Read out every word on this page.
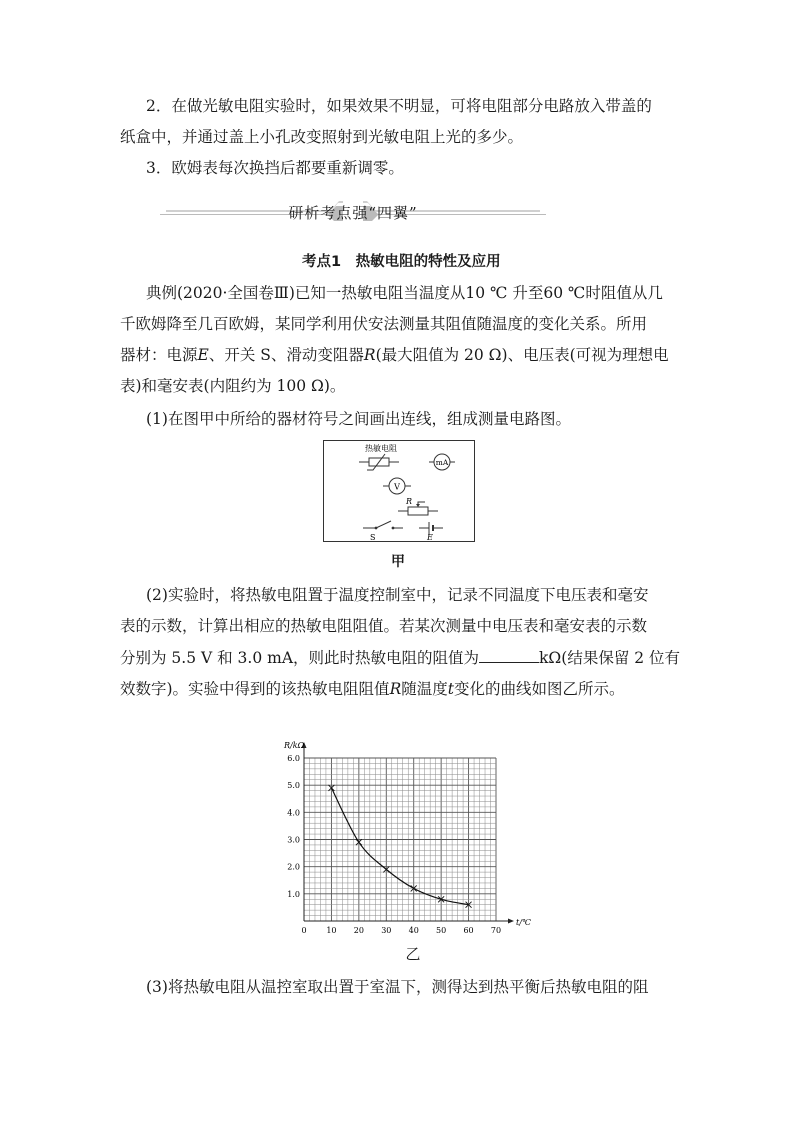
2．在做光敏电阻实验时，如果效果不明显，可将电阻部分电路放入带盖的
纸盒中，并通过盖上小孔改变照射到光敏电阻上光的多少。
3．欧姆表每次换挡后都要重新调零。
研析考点强“四翼”
考点1　热敏电阻的特性及应用
典例(2020·全国卷Ⅲ)已知一热敏电阻当温度从10 ℃ 升至60 ℃时阻值从几
千欧姆降至几百欧姆，某同学利用伏安法测量其阻值随温度的变化关系。所用
器材：电源E、开关 S、滑动变阻器R(最大阻值为 20 Ω)、电压表(可视为理想电
表)和毫安表(内阻约为 100 Ω)。
(1)在图甲中所给的器材符号之间画出连线，组成测量电路图。
热敏电阻
mA
V
R
S	E
甲
(2)实验时，将热敏电阻置于温度控制室中，记录不同温度下电压表和毫安
表的示数，计算出相应的热敏电阻阻值。若某次测量中电压表和毫安表的示数
分别为 5.5 V 和 3.0 mA，则此时热敏电阻的阻值为	kΩ(结果保留 2 位有
效数字)。实验中得到的该热敏电阻阻值R随温度t变化的曲线如图乙所示。
0 10 20 30 40 50 60 70
1.0
2.0
3.0
4.0
5.0
6.0
R/kΩ
t/℃
乙
(3)将热敏电阻从温控室取出置于室温下，测得达到热平衡后热敏电阻的阻
